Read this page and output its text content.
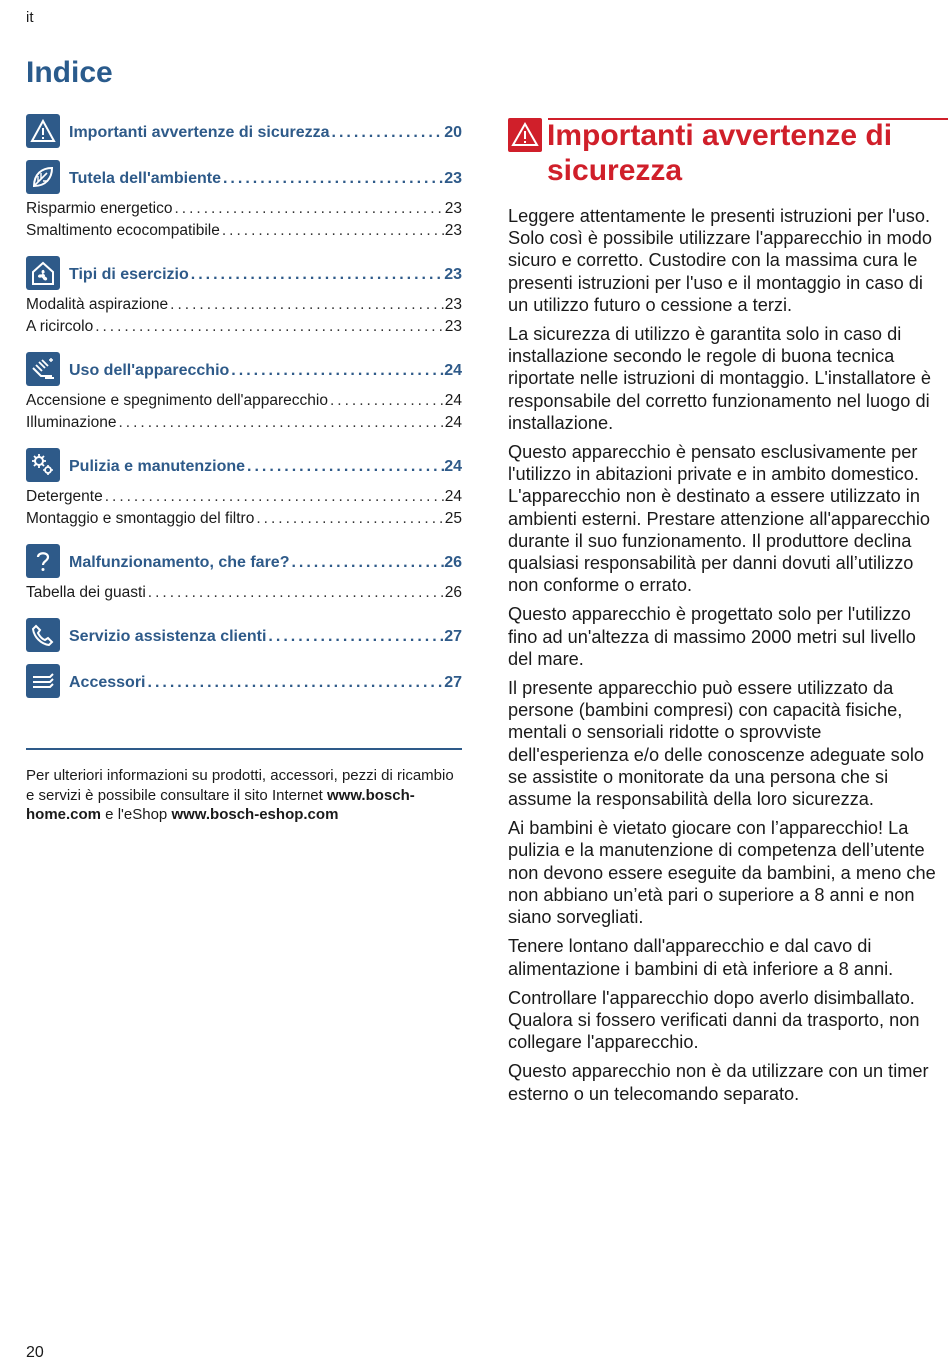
it
Indice
Importanti avvertenze di sicurezza .....	20
Tutela dell'ambiente .....	23
Risparmio energetico .....	23
Smaltimento ecocompatibile .....	23
Tipi di esercizio .....	23
Modalità aspirazione .....	23
A ricircolo .....	23
Uso dell'apparecchio .....	24
Accensione e spegnimento dell'apparecchio .....	24
Illuminazione .....	24
Pulizia e manutenzione .....	24
Detergente .....	24
Montaggio e smontaggio del filtro .....	25
Malfunzionamento, che fare? .....	26
Tabella dei guasti .....	26
Servizio assistenza clienti .....	27
Accessori .....	27
Per ulteriori informazioni su prodotti, accessori, pezzi di ricambio e servizi è possibile consultare il sito Internet www.bosch-home.com e l'eShop www.bosch-eshop.com
Importanti avvertenze di sicurezza

Leggere attentamente le presenti istruzioni per l'uso. Solo così è possibile utilizzare l'apparecchio in modo sicuro e corretto. Custodire con la massima cura le presenti istruzioni per l'uso e il montaggio in caso di un utilizzo futuro o cessione a terzi.

La sicurezza di utilizzo è garantita solo in caso di installazione secondo le regole di buona tecnica riportate nelle istruzioni di montaggio. L'installatore è responsabile del corretto funzionamento nel luogo di installazione.

Questo apparecchio è pensato esclusivamente per l'utilizzo in abitazioni private e in ambito domestico. L'apparecchio non è destinato a essere utilizzato in ambienti esterni. Prestare attenzione all'apparecchio durante il suo funzionamento. Il produttore declina qualsiasi responsabilità per danni dovuti all’utilizzo non conforme o errato.

Questo apparecchio è progettato solo per l'utilizzo fino ad un'altezza di massimo 2000 metri sul livello del mare.

Il presente apparecchio può essere utilizzato da persone (bambini compresi) con capacità fisiche, mentali o sensoriali ridotte o sprovviste dell'esperienza e/o delle conoscenze adeguate solo se assistite o monitorate da una persona che si assume la responsabilità della loro sicurezza.

Ai bambini è vietato giocare con l’apparecchio! La pulizia e la manutenzione di competenza dell’utente non devono essere eseguite da bambini, a meno che non abbiano un’età pari o superiore a 8 anni e non siano sorvegliati.

Tenere lontano dall'apparecchio e dal cavo di alimentazione i bambini di età inferiore a 8 anni.

Controllare l'apparecchio dopo averlo disimballato. Qualora si fossero verificati danni da trasporto, non collegare l'apparecchio.

Questo apparecchio non è da utilizzare con un timer esterno o un telecomando separato.

20
